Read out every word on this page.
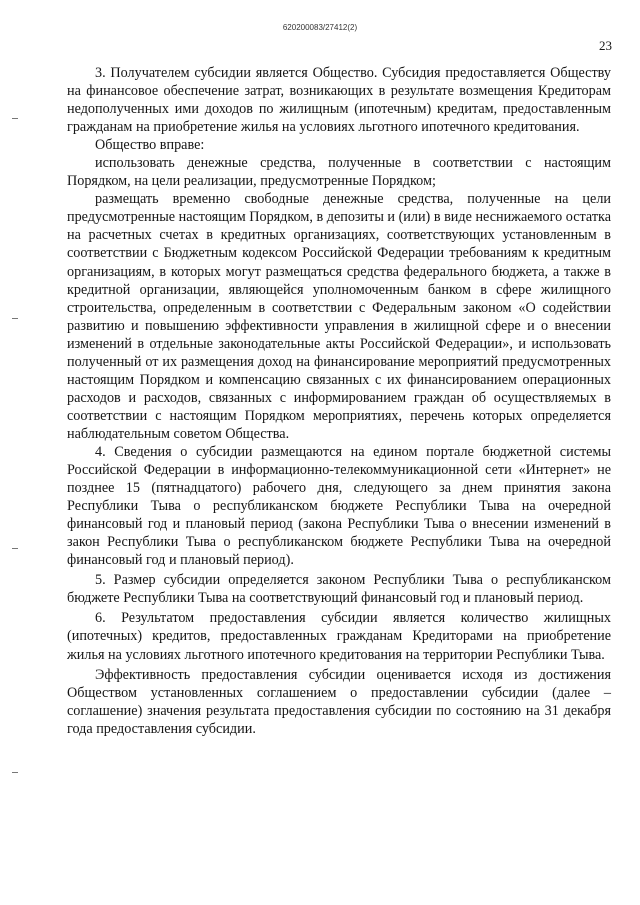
620200083/27412(2)
23

3. Получателем субсидии является Общество. Субсидия предоставляется Обществу на финансовое обеспечение затрат, возникающих в результате возмещения Кредиторам недополученных ими доходов по жилищным (ипотечным) кредитам, предоставленным гражданам на приобретение жилья на условиях льготного ипотечного кредитования.

Общество вправе:

использовать денежные средства, полученные в соответствии с настоящим Порядком, на цели реализации, предусмотренные Порядком;

размещать временно свободные денежные средства, полученные на цели предусмотренные настоящим Порядком, в депозиты и (или) в виде неснижаемого остатка на расчетных счетах в кредитных организациях, соответствующих установленным в соответствии с Бюджетным кодексом Российской Федерации требованиям к кредитным организациям, в которых могут размещаться средства федерального бюджета, а также в кредитной организации, являющейся уполномоченным банком в сфере жилищного строительства, определенным в соответствии с Федеральным законом «О содействии развитию и повышению эффективности управления в жилищной сфере и о внесении изменений в отдельные законодательные акты Российской Федерации», и использовать полученный от их размещения доход на финансирование мероприятий предусмотренных настоящим Порядком и компенсацию связанных с их финансированием операционных расходов и расходов, связанных с информированием граждан об осуществляемых в соответствии с настоящим Порядком мероприятиях, перечень которых определяется наблюдательным советом Общества.

4. Сведения о субсидии размещаются на едином портале бюджетной системы Российской Федерации в информационно-телекоммуникационной сети «Интернет» не позднее 15 (пятнадцатого) рабочего дня, следующего за днем принятия закона Республики Тыва о республиканском бюджете Республики Тыва на очередной финансовый год и плановый период (закона Республики Тыва о внесении изменений в закон Республики Тыва о республиканском бюджете Республики Тыва на очередной финансовый год и плановый период).

5. Размер субсидии определяется законом Республики Тыва о республиканском бюджете Республики Тыва на соответствующий финансовый год и плановый период.

6. Результатом предоставления субсидии является количество жилищных (ипотечных) кредитов, предоставленных гражданам Кредиторами на приобретение жилья на условиях льготного ипотечного кредитования на территории Республики Тыва.

Эффективность предоставления субсидии оценивается исходя из достижения Обществом установленных соглашением о предоставлении субсидии (далее – соглашение) значения результата предоставления субсидии по состоянию на 31 декабря года предоставления субсидии.
